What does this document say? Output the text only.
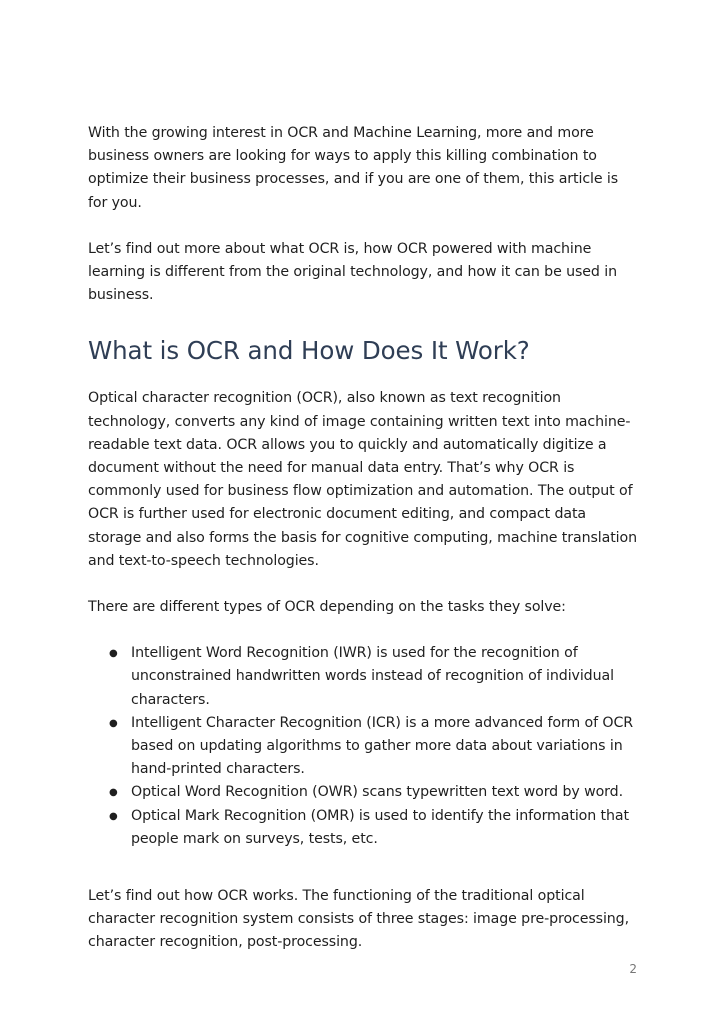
With the growing interest in OCR and Machine Learning, more and more business owners are looking for ways to apply this killing combination to optimize their business processes, and if you are one of them, this article is for you.

Let’s find out more about what OCR is, how OCR powered with machine learning is different from the original technology, and how it can be used in business.

What is OCR and How Does It Work?

Optical character recognition (OCR), also known as text recognition technology, converts any kind of image containing written text into machine-readable text data. OCR allows you to quickly and automatically digitize a document without the need for manual data entry. That’s why OCR is commonly used for business flow optimization and automation. The output of OCR is further used for electronic document editing, and compact data storage and also forms the basis for cognitive computing, machine translation and text-to-speech technologies.

There are different types of OCR depending on the tasks they solve:

● Intelligent Word Recognition (IWR) is used for the recognition of unconstrained handwritten words instead of recognition of individual characters.
● Intelligent Character Recognition (ICR) is a more advanced form of OCR based on updating algorithms to gather more data about variations in hand-printed characters.
● Optical Word Recognition (OWR) scans typewritten text word by word.
● Optical Mark Recognition (OMR) is used to identify the information that people mark on surveys, tests, etc.

Let’s find out how OCR works. The functioning of the traditional optical character recognition system consists of three stages: image pre-processing, character recognition, post-processing.

2
